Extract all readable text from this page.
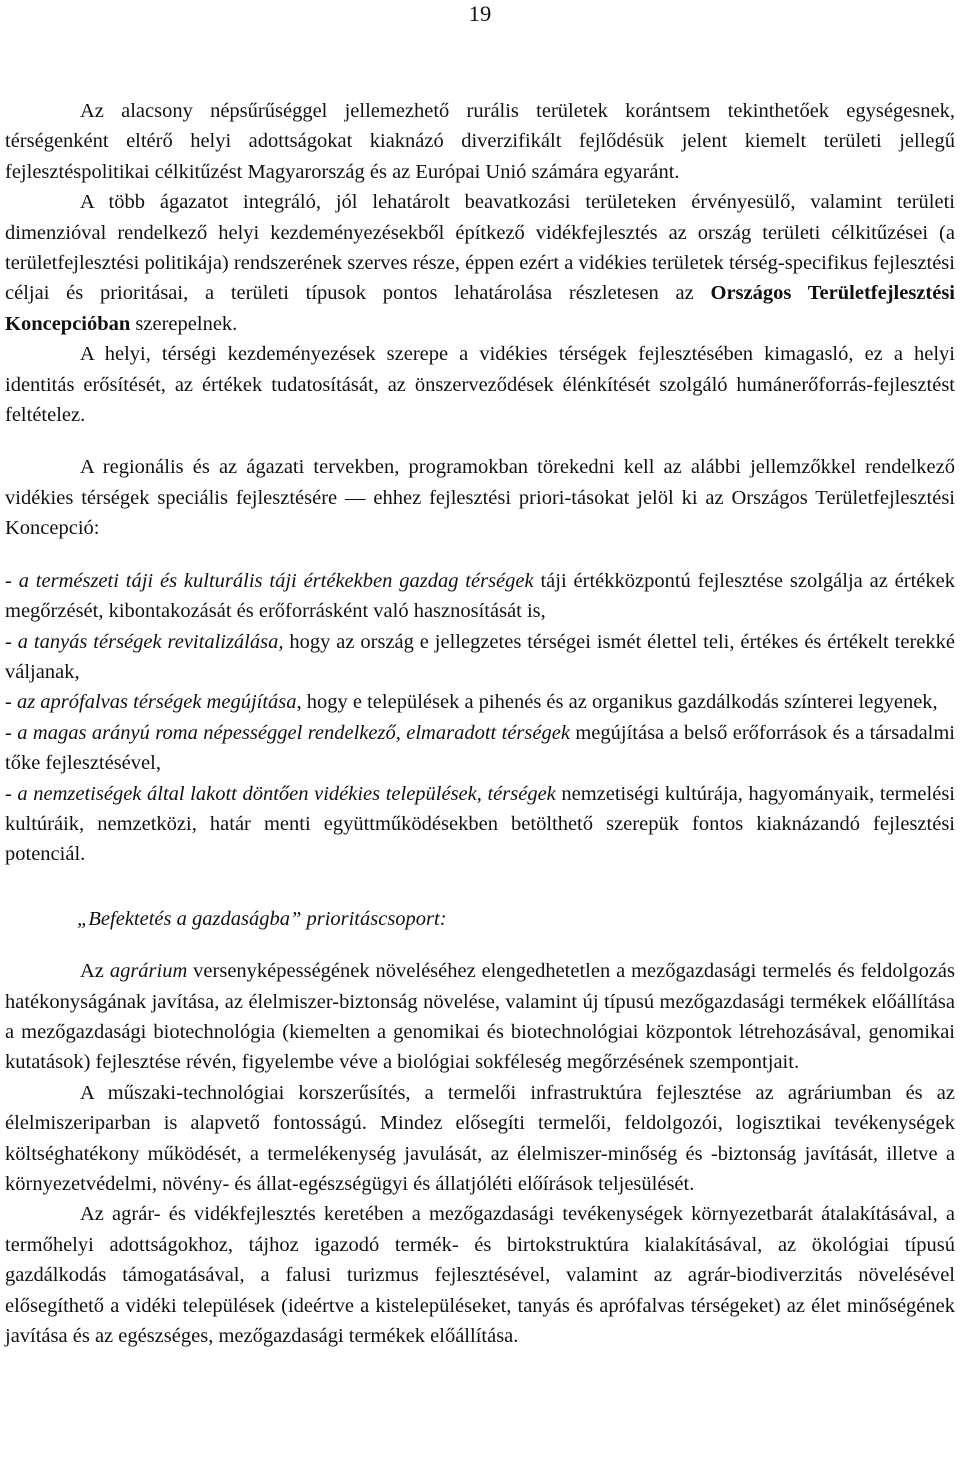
19

Az alacsony népsűrűséggel jellemezhető rurális területek korántsem tekinthetőek egységesnek, térségenként eltérő helyi adottságokat kiaknázó diverzifikált fejlődésük jelent kiemelt területi jellegű fejlesztéspolitikai célkitűzést Magyarország és az Európai Unió számára egyaránt.

A több ágazatot integráló, jól lehatárolt beavatkozási területeken érvényesülő, valamint területi dimenzióval rendelkező helyi kezdeményezésekből építkező vidékfejlesztés az ország területi célkitűzései (a területfejlesztési politikája) rendszerének szerves része, éppen ezért a vidékies területek térség-specifikus fejlesztési céljai és prioritásai, a területi típusok pontos lehatárolása részletesen az Országos Területfejlesztési Koncepcióban szerepelnek.

A helyi, térségi kezdeményezések szerepe a vidékies térségek fejlesztésében kimagasló, ez a helyi identitás erősítését, az értékek tudatosítását, az önszerveződések élénkítését szolgáló humánerőforrás-fejlesztést feltételez.

A regionális és az ágazati tervekben, programokban törekedni kell az alábbi jellemzőkkel rendelkező vidékies térségek speciális fejlesztésére ― ehhez fejlesztési priori-tásokat jelöl ki az Országos Területfejlesztési Koncepció:

- a természeti táji és kulturális táji értékekben gazdag térségek táji értékközpontú fejlesztése szolgálja az értékek megőrzését, kibontakozását és erőforrásként való hasznosítását is,

- a tanyás térségek revitalizálása, hogy az ország e jellegzetes térségei ismét élettel teli, értékes és értékelt terekké váljanak,

- az aprófalvas térségek megújítása, hogy e települések a pihenés és az organikus gazdálkodás színterei legyenek,

- a magas arányú roma népességgel rendelkező, elmaradott térségek megújítása a belső erőforrások és a társadalmi tőke fejlesztésével,

- a nemzetiségek által lakott döntően vidékies települések, térségek nemzetiségi kultúrája, hagyományaik, termelési kultúráik, nemzetközi, határ menti együttműködésekben betölthető szerepük fontos kiaknázandó fejlesztési potenciál.

„Befektetés a gazdaságba” prioritáscsoport:

Az agrárium versenyképességének növeléséhez elengedhetetlen a mezőgazdasági termelés és feldolgozás hatékonyságának javítása, az élelmiszer-biztonság növelése, valamint új típusú mezőgazdasági termékek előállítása a mezőgazdasági biotechnológia (kiemelten a genomikai és biotechnológiai központok létrehozásával, genomikai kutatások) fejlesztése révén, figyelembe véve a biológiai sokféleség megőrzésének szempontjait.

A műszaki-technológiai korszerűsítés, a termelői infrastruktúra fejlesztése az agráriumban és az élelmiszeriparban is alapvető fontosságú. Mindez elősegíti termelői, feldolgozói, logisztikai tevékenységek költséghatékony működését, a termelékenység javulását, az élelmiszer-minőség és -biztonság javítását, illetve a környezetvédelmi, növény- és állat-egészségügyi és állatjóléti előírások teljesülését.

Az agrár- és vidékfejlesztés keretében a mezőgazdasági tevékenységek környezetbarát átalakításával, a termőhelyi adottságokhoz, tájhoz igazodó termék- és birtokstruktúra kialakításával, az ökológiai típusú gazdálkodás támogatásával, a falusi turizmus fejlesztésével, valamint az agrár-biodiverzitás növelésével elősegíthető a vidéki települések (ideértve a kistelepüléseket, tanyás és aprófalvas térségeket) az élet minőségének javítása és az egészséges, mezőgazdasági termékek előállítása.
